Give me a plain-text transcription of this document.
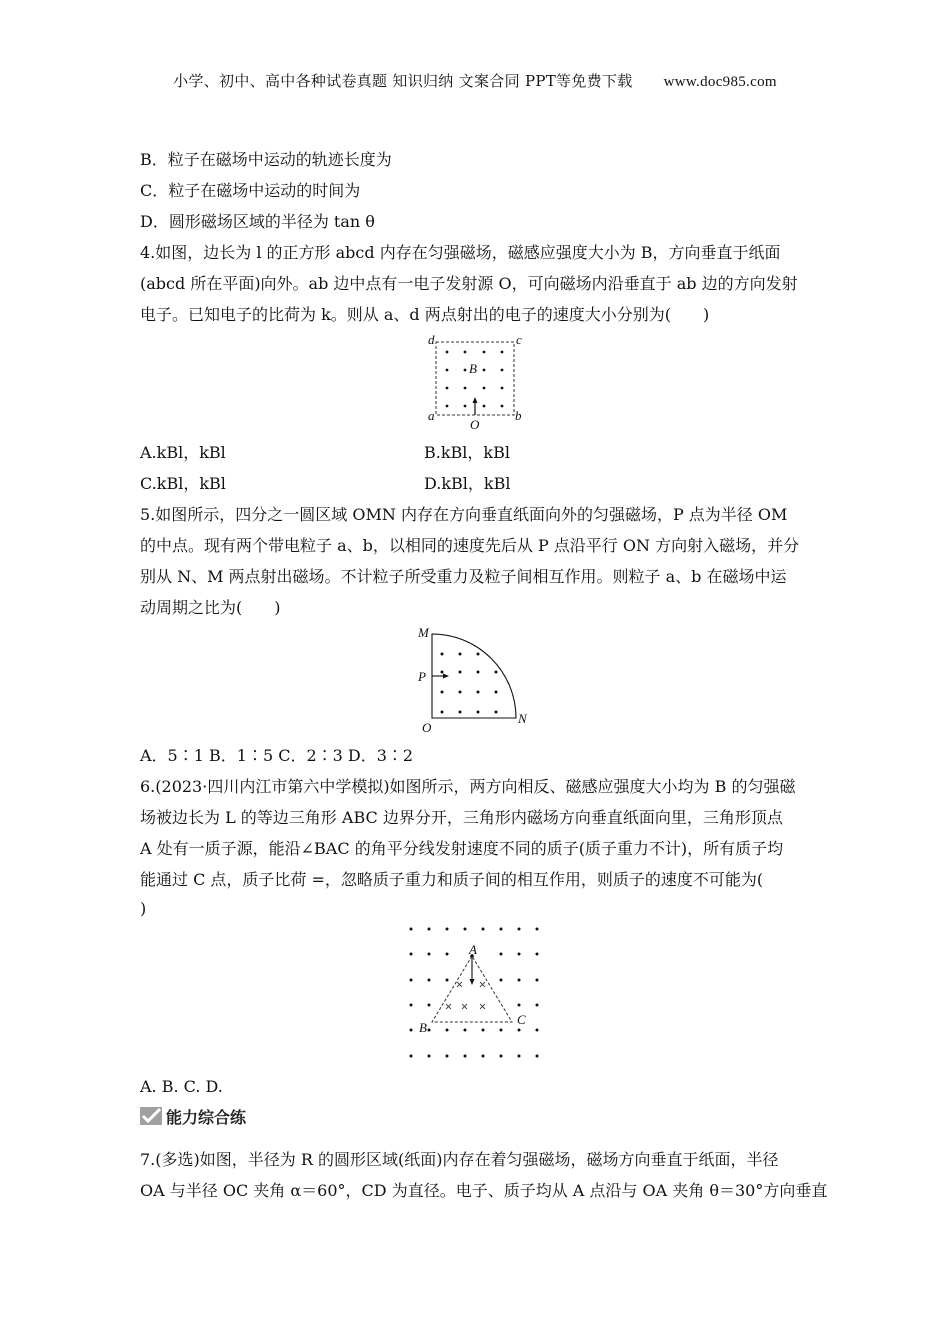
小学、初中、高中各种试卷真题 知识归纳 文案合同 PPT等免费下载 www.doc985.com
B．粒子在磁场中运动的轨迹长度为
C．粒子在磁场中运动的时间为
D．圆形磁场区域的半径为 tan θ
4.如图，边长为 l 的正方形 abcd 内存在匀强磁场，磁感应强度大小为 B，方向垂直于纸面
(abcd 所在平面)向外。ab 边中点有一电子发射源 O，可向磁场内沿垂直于 ab 边的方向发射
电子。已知电子的比荷为 k。则从 a、d 两点射出的电子的速度大小分别为(　　)
d	c
B
a	b
O
A.kBl，kBl	B.kBl，kBl
C.kBl，kBl	D.kBl，kBl
5.如图所示，四分之一圆区域 OMN 内存在方向垂直纸面向外的匀强磁场，P 点为半径 OM
的中点。现有两个带电粒子 a、b，以相同的速度先后从 P 点沿平行 ON 方向射入磁场，并分
别从 N、M 两点射出磁场。不计粒子所受重力及粒子间相互作用。则粒子 a、b 在磁场中运
动周期之比为(　　)
M
P
O
N
A．5∶1 B．1∶5 C．2∶3 D．3∶2
6.(2023·四川内江市第六中学模拟)如图所示，两方向相反、磁感应强度大小均为 B 的匀强磁
场被边长为 L 的等边三角形 ABC 边界分开，三角形内磁场方向垂直纸面向里，三角形顶点
A 处有一质子源，能沿∠BAC 的角平分线发射速度不同的质子(质子重力不计)，所有质子均
能通过 C 点，质子比荷 =，忽略质子重力和质子间的相互作用，则质子的速度不可能为(
)
A
B
C
A. B. C. D.
能力综合练
7.(多选)如图，半径为 R 的圆形区域(纸面)内存在着匀强磁场，磁场方向垂直于纸面，半径
OA 与半径 OC 夹角 α＝60°，CD 为直径。电子、质子均从 A 点沿与 OA 夹角 θ＝30°方向垂直
